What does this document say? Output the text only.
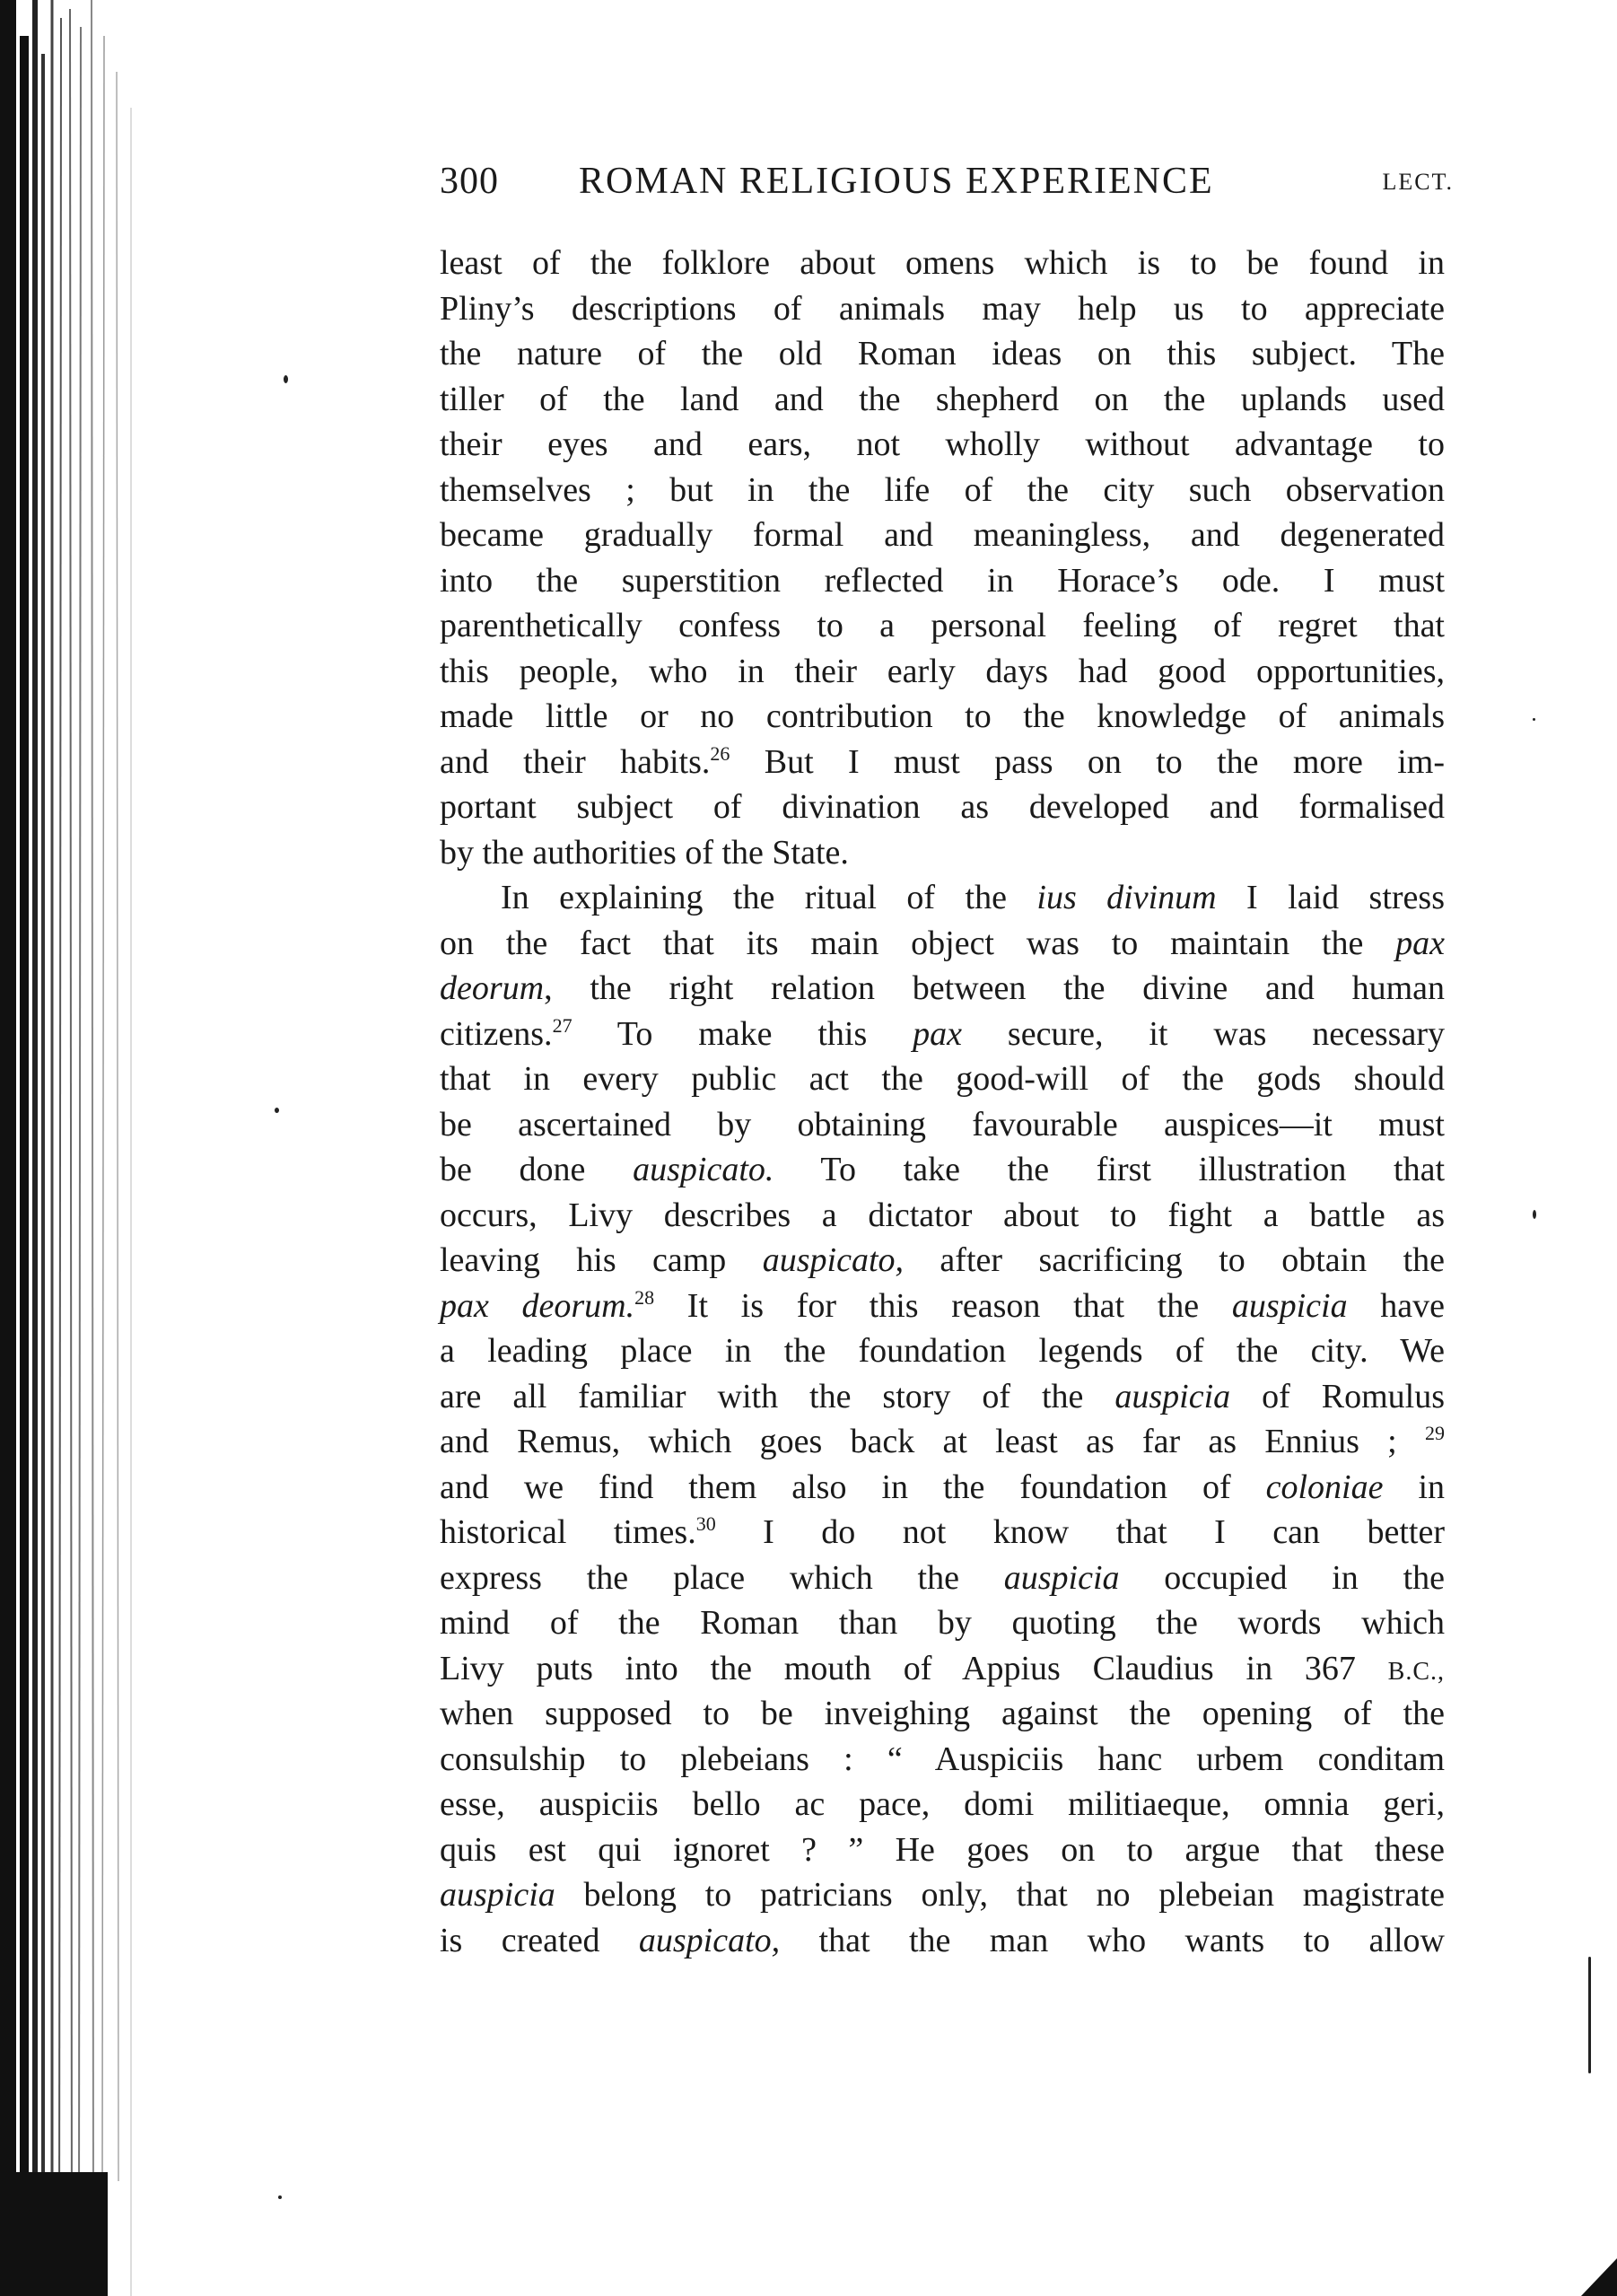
300 ROMAN RELIGIOUS EXPERIENCE	LECT.
least of the folklore about omens which is to be found in
Pliny’s descriptions of animals may help us to appreciate
the nature of the old Roman ideas on this subject. The
tiller of the land and the shepherd on the uplands used
their eyes and ears, not wholly without advantage to
themselves ; but in the life of the city such observation
became gradually formal and meaningless, and degenerated
into the superstition reflected in Horace’s ode. I must
parenthetically confess to a personal feeling of regret that
this people, who in their early days had good opportunities,
made little or no contribution to the knowledge of animals
and their habits.$^{26}$ But I must pass on to the more im-
portant subject of divination as developed and formalised
by the authorities of the State.
In explaining the ritual of the ius divinum I laid stress
on the fact that its main object was to maintain the pax
deorum, the right relation between the divine and human
citizens.$^{27}$ To make this pax secure, it was necessary
that in every public act the good-will of the gods should
be ascertained by obtaining favourable auspices—it must
be done auspicato. To take the first illustration that
occurs, Livy describes a dictator about to fight a battle as
leaving his camp auspicato, after sacrificing to obtain the
pax deorum.$^{28}$ It is for this reason that the auspicia have
a leading place in the foundation legends of the city. We
are all familiar with the story of the auspicia of Romulus
and Remus, which goes back at least as far as Ennius ; $^{29}$
and we find them also in the foundation of coloniae in
historical times.$^{30}$ I do not know that I can better
express the place which the auspicia occupied in the
mind of the Roman than by quoting the words which
Livy puts into the mouth of Appius Claudius in 367 B.C.,
when supposed to be inveighing against the opening of the
consulship to plebeians : “ Auspiciis hanc urbem conditam
esse, auspiciis bello ac pace, domi militiaeque, omnia geri,
quis est qui ignoret ? ” He goes on to argue that these
auspicia belong to patricians only, that no plebeian magistrate
is created auspicato, that the man who wants to allow
